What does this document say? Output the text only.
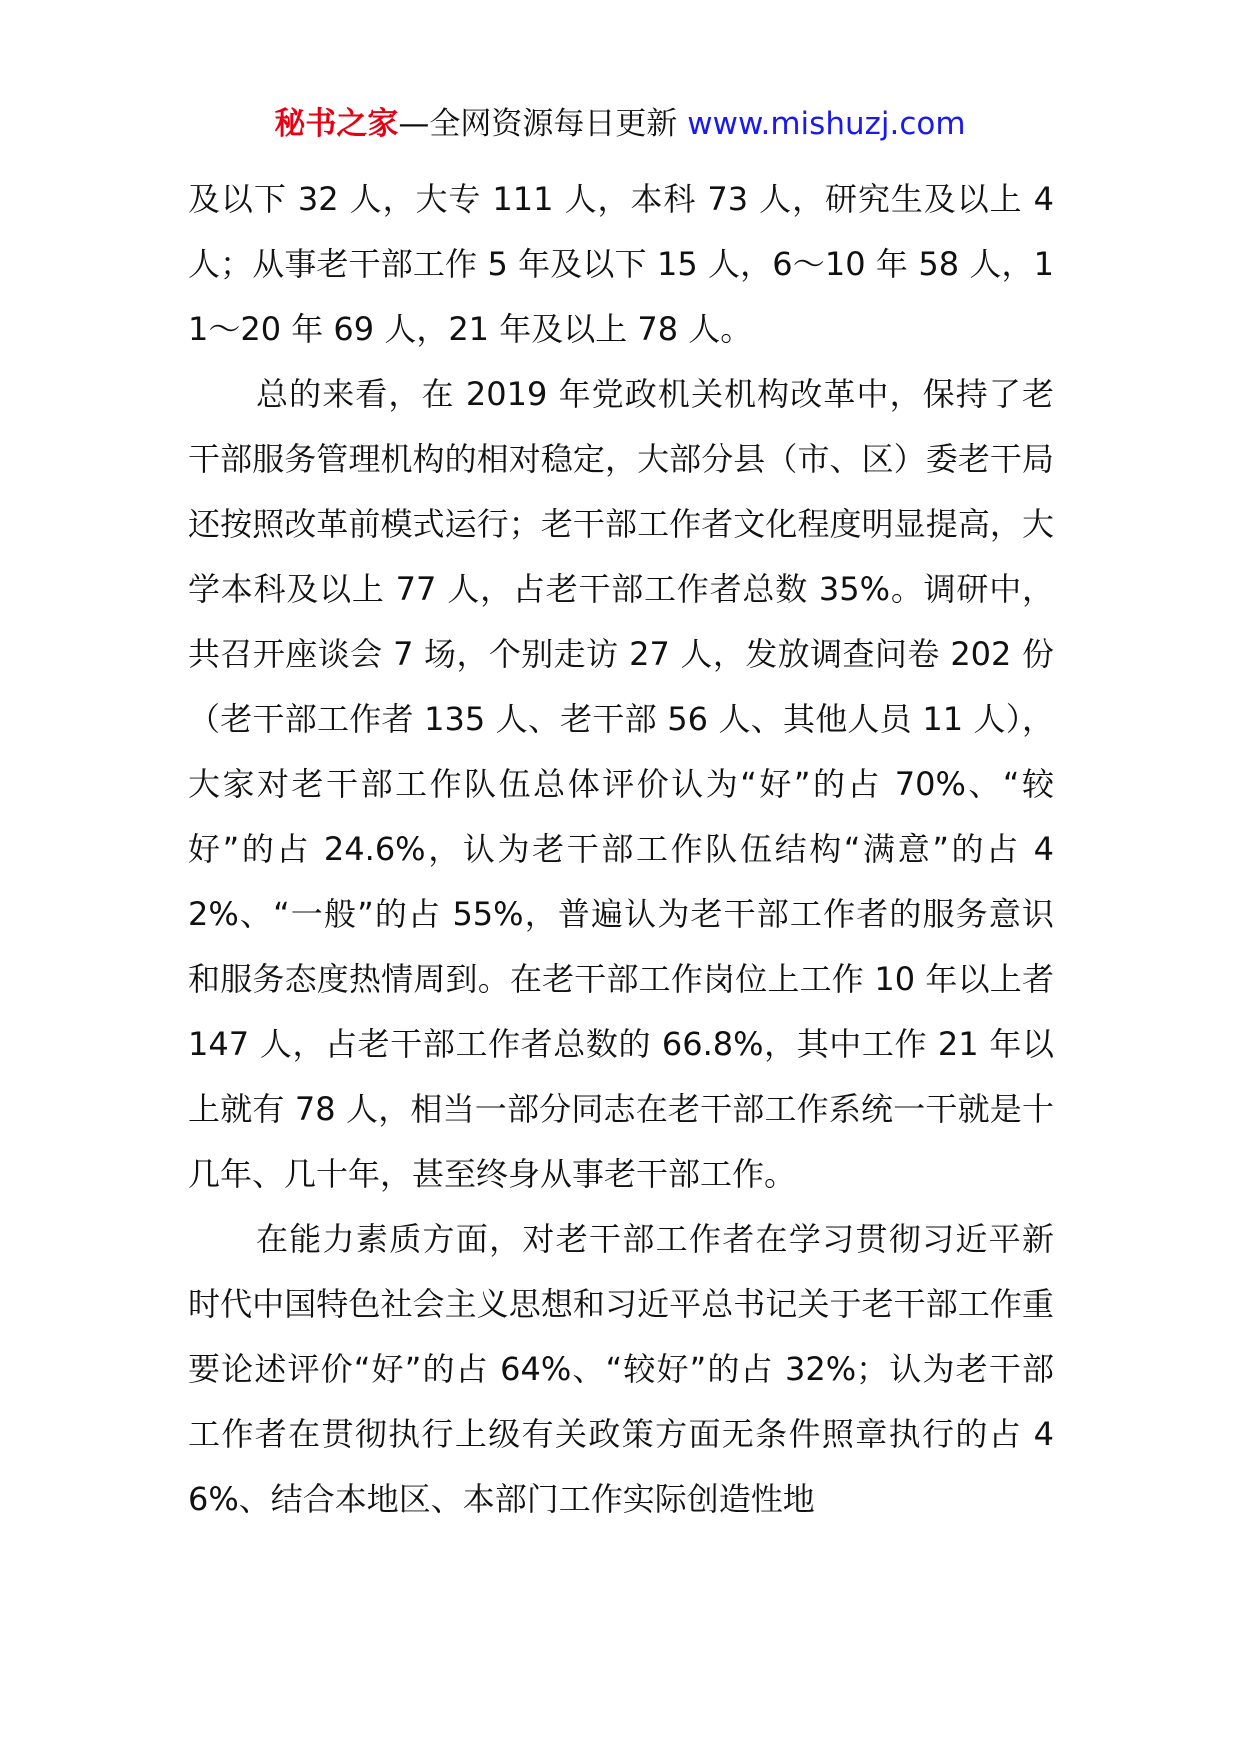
秘书之家—全网资源每日更新 www.mishuzj.com

及以下 32 人，大专 111 人，本科 73 人，研究生及以上 4 人；从事老干部工作 5 年及以下 15 人，6～10 年 58 人，11～20 年 69 人，21 年及以上 78 人。

总的来看，在 2019 年党政机关机构改革中，保持了老干部服务管理机构的相对稳定，大部分县（市、区）委老干局还按照改革前模式运行；老干部工作者文化程度明显提高，大学本科及以上 77 人，占老干部工作者总数 35%。调研中，共召开座谈会 7 场，个别走访 27 人，发放调查问卷 202 份（老干部工作者 135 人、老干部 56 人、其他人员 11 人），大家对老干部工作队伍总体评价认为“好”的占 70%、“较好”的占 24.6%，认为老干部工作队伍结构“满意”的占 42%、“一般”的占 55%，普遍认为老干部工作者的服务意识和服务态度热情周到。在老干部工作岗位上工作 10 年以上者 147 人，占老干部工作者总数的 66.8%，其中工作 21 年以上就有 78 人，相当一部分同志在老干部工作系统一干就是十几年、几十年，甚至终身从事老干部工作。

在能力素质方面，对老干部工作者在学习贯彻习近平新时代中国特色社会主义思想和习近平总书记关于老干部工作重要论述评价“好”的占 64%、“较好”的占 32%；认为老干部工作者在贯彻执行上级有关政策方面无条件照章执行的占 46%、结合本地区、本部门工作实际创造性地
